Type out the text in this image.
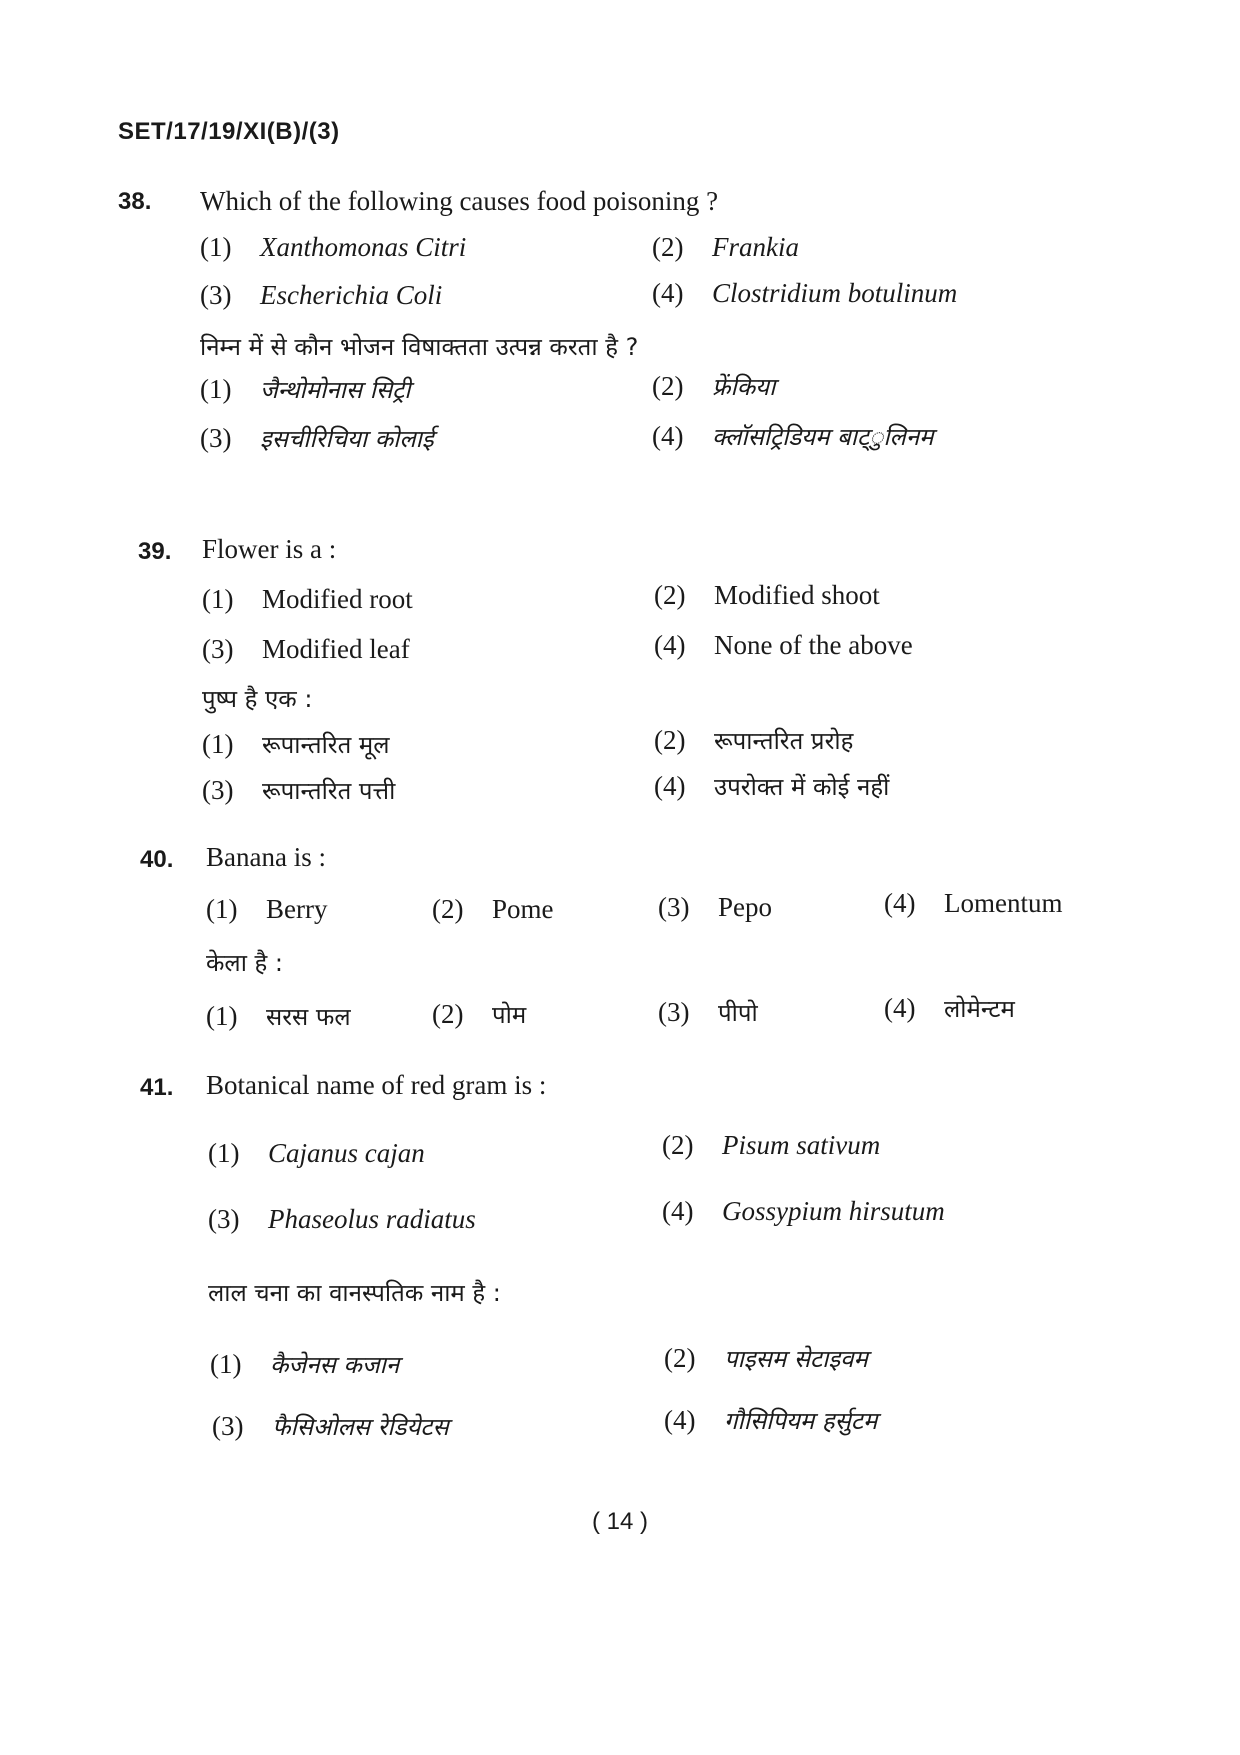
SET/17/19/XI(B)/(3)
38. Which of the following causes food poisoning ?
(1) Xanthomonas Citri	(2) Frankia
(3) Escherichia Coli	(4) Clostridium botulinum
निम्न में से कौन भोजन विषाक्तता उत्पन्न करता है ?
(1) जैन्थोमोनास सिट्री	(2) फ्रेंकिया
(3) इसचीरिचिया कोलाई	(4) क्लॉसट्रिडियम बाट्ुलिनम
39. Flower is a :
(1) Modified root	(2) Modified shoot
(3) Modified leaf	(4) None of the above
पुष्प है एक :
(1) रूपान्तरित मूल	(2) रूपान्तरित प्ररोह
(3) रूपान्तरित पत्ती	(4) उपरोक्त में कोई नहीं
40. Banana is :
(1) Berry	(2) Pome	(3) Pepo	(4) Lomentum
केला है :
(1) सरस फल	(2) पोम	(3) पीपो	(4) लोमेन्टम
41. Botanical name of red gram is :
(1) Cajanus cajan	(2) Pisum sativum
(3) Phaseolus radiatus	(4) Gossypium hirsutum
लाल चना का वानस्पतिक नाम है :
(1) कैजेनस कजान	(2) पाइसम सेटाइवम
(3) फैसिओलस रेडियेटस	(4) गौसिपियम हर्सुटम
( 14 )
